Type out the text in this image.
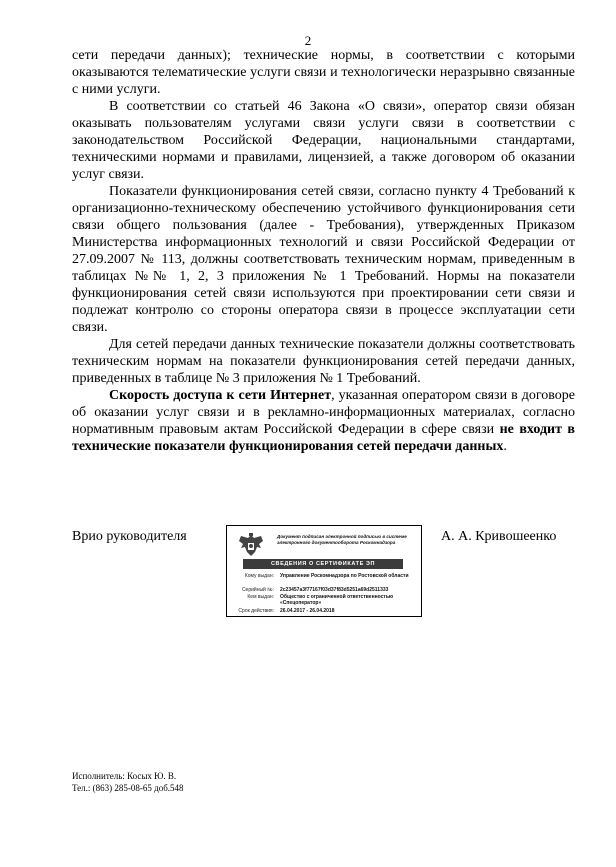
2

сети передачи данных); технические нормы, в соответствии с которыми оказываются телематические услуги связи и технологически неразрывно связанные с ними услуги.

В соответствии со статьей 46 Закона «О связи», оператор связи обязан оказывать пользователям услугами связи услуги связи в соответствии с законодательством Российской Федерации, национальными стандартами, техническими нормами и правилами, лицензией, а также договором об оказании услуг связи.

Показатели функционирования сетей связи, согласно пункту 4 Требований к организационно-техническому обеспечению устойчивого функционирования сети связи общего пользования (далее - Требования), утвержденных Приказом Министерства информационных технологий и связи Российской Федерации от 27.09.2007 № 113, должны соответствовать техническим нормам, приведенным в таблицах №№ 1, 2, 3 приложения № 1 Требований. Нормы на показатели функционирования сетей связи используются при проектировании сети связи и подлежат контролю со стороны оператора связи в процессе эксплуатации сети связи.

Для сетей передачи данных технические показатели должны соответствовать техническим нормам на показатели функционирования сетей передачи данных, приведенных в таблице № 3 приложения № 1 Требований.

Скорость доступа к сети Интернет, указанная оператором связи в договоре об оказании услуг связи и в рекламно-информационных материалах, согласно нормативным правовым актам Российской Федерации в сфере связи не входит в технические показатели функционирования сетей передачи данных.

Врио руководителя	Документ подписан электронной подписью в системе электронного документооборота Роскомнадзора
СВЕДЕНИЯ О СЕРТИФИКАТЕ ЭП
Кому выдан: Управление Роскомнадзора по Ростовской области
Серийный №: 2c23457a3f77167f03d37f83d5251a69d2511333
Кем выдан: Общество с ограниченной ответственностью «Спецоператор»
Срок действия: 26.04.2017 - 26.04.2018
А. А. Кривошеенко
Исполнитель: Косых Ю. В.
Тел.: (863) 285-08-65 доб.548
